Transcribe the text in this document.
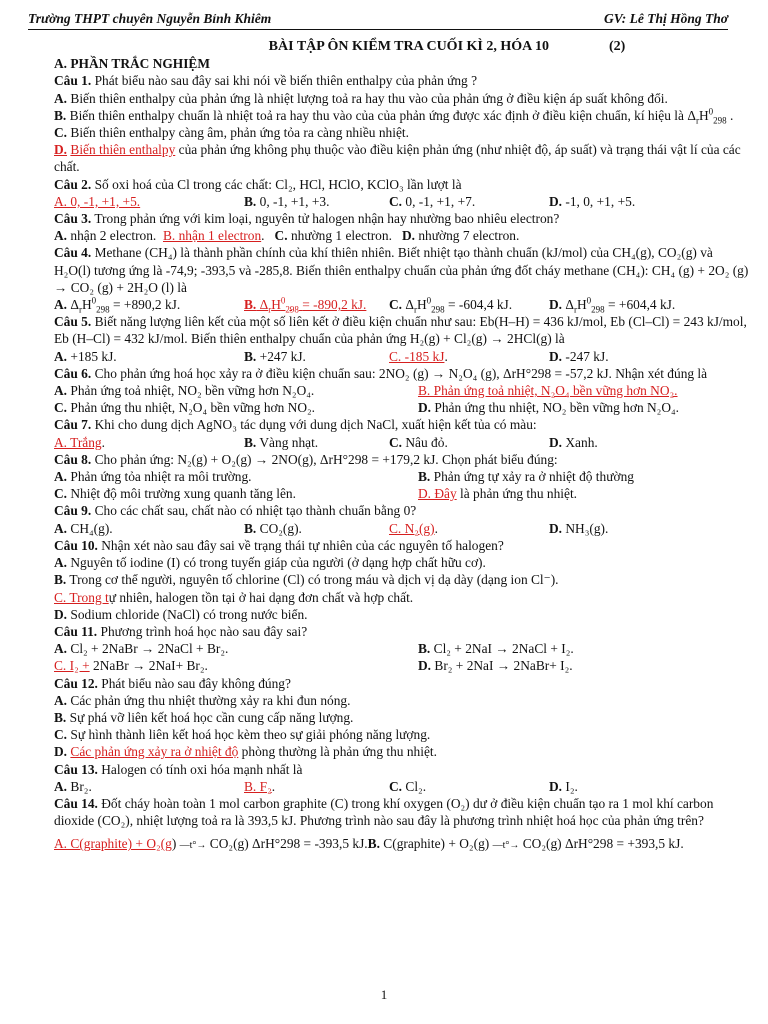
Trường THPT chuyên Nguyễn Bỉnh Khiêm	GV: Lê Thị Hồng Thơ
BÀI TẬP ÔN KIỂM TRA CUỐI KÌ 2, HÓA 10	(2)
A. PHẦN TRẮC NGHIỆM
Câu 1. Phát biểu nào sau đây sai khi nói về biến thiên enthalpy của phản ứng ?
A. Biến thiên enthalpy của phản ứng là nhiệt lượng toả ra hay thu vào của phản ứng ở điều kiện áp suất không đổi.
B. Biến thiên enthalpy chuẩn là nhiệt toả ra hay thu vào của của phản ứng được xác định ở điều kiện chuẩn, kí hiệu là $\Delta_rH^0_{298}$ .
C. Biến thiên enthalpy càng âm, phản ứng tỏa ra càng nhiều nhiệt.
D. Biến thiên enthalpy của phản ứng không phụ thuộc vào điều kiện phản ứng (như nhiệt độ, áp suất) và trạng thái vật lí của các chất.
Câu 2. Số oxi hoá của Cl trong các chất: Cl₂, HCl, HClO, KClO₃ lần lượt là
A. 0, -1, +1, +5.	B. 0, -1, +1, +3.	C. 0, -1, +1, +7.	D. -1, 0, +1, +5.
Câu 3. Trong phản ứng với kim loại, nguyên tử halogen nhận hay nhường bao nhiêu electron?
A. nhận 2 electron. B. nhận 1 electron.   C. nhường 1 electron. D. nhường 7 electron.
Câu 4. Methane (CH₄) là thành phần chính của khí thiên nhiên. Biết nhiệt tạo thành chuẩn (kJ/mol) của CH₄(g), CO₂(g) và H₂O(l) tương ứng là -74,9; -393,5 và -285,8. Biến thiên enthalpy chuẩn của phản ứng đốt cháy methane (CH₄): CH₄ (g) + 2O₂ (g) → CO₂ (g) + 2H₂O (l) là
A. $\Delta_rH^0_{298} = +890,2$ kJ.	B. $\Delta_rH^0_{298} = -890,2$ kJ.	C. $\Delta_rH^0_{298} = -604,4$ kJ.	D. $\Delta_rH^0_{298} = +604,4$ kJ.
Câu 5. Biết năng lượng liên kết của một số liên kết ở điều kiện chuẩn như sau: Eb(H–H) = 436 kJ/mol, Eb (Cl–Cl) = 243 kJ/mol, Eb (H–Cl) = 432 kJ/mol. Biến thiên enthalpy chuẩn của phản ứng H₂(g) + Cl₂(g) → 2HCl(g) là
A. +185 kJ.	B. +247 kJ.	C. -185 kJ.	D. -247 kJ.
Câu 6. Cho phản ứng hoá học xảy ra ở điều kiện chuẩn sau: 2NO₂ (g) → N₂O₄ (g), ΔrH°298 = -57,2 kJ. Nhận xét đúng là
A. Phản ứng toả nhiệt, NO₂ bền vững hơn N₂O₄.	B. Phản ứng toả nhiệt, N₂O₄ bền vững hơn NO₂.
C. Phản ứng thu nhiệt, N₂O₄ bền vững hơn NO₂.	D. Phản ứng thu nhiệt, NO₂ bền vững hơn N₂O₄.
Câu 7. Khi cho dung dịch AgNO₃ tác dụng với dung dịch NaCl, xuất hiện kết tủa có màu:
A. Trắng.	B. Vàng nhạt.	C. Nâu đỏ.	D. Xanh.
Câu 8. Cho phản ứng: N₂(g) + O₂(g) → 2NO(g), ΔrH°298 = +179,2 kJ. Chọn phát biểu đúng:
A. Phản ứng tỏa nhiệt ra môi trường.	B. Phản ứng tự xảy ra ở nhiệt độ thường
C. Nhiệt độ môi trường xung quanh tăng lên.	D. Đây là phản ứng thu nhiệt.
Câu 9. Cho các chất sau, chất nào có nhiệt tạo thành chuẩn bằng 0?
A. CH₄(g).	B. CO₂(g).	C. N₂(g).	D. NH₃(g).
Câu 10. Nhận xét nào sau đây sai về trạng thái tự nhiên của các nguyên tố halogen?
A. Nguyên tố iodine (I) có trong tuyến giáp của người (ở dạng hợp chất hữu cơ).
B. Trong cơ thể người, nguyên tố chlorine (Cl) có trong máu và dịch vị dạ dày (dạng ion Cl⁻).
C. Trong tự nhiên, halogen tồn tại ở hai dạng đơn chất và hợp chất.
D. Sodium chloride (NaCl) có trong nước biển.
Câu 11. Phương trình hoá học nào sau đây sai?
A. Cl₂ + 2NaBr → 2NaCl + Br₂.	B. Cl₂ + 2NaI → 2NaCl + I₂.
C. I₂ + 2NaBr → 2NaI+ Br₂.	D. Br₂ + 2NaI → 2NaBr+ I₂.
Câu 12. Phát biểu nào sau đây không đúng?
A. Các phản ứng thu nhiệt thường xảy ra khi đun nóng.
B. Sự phá vỡ liên kết hoá học cần cung cấp năng lượng.
C. Sự hình thành liên kết hoá học kèm theo sự giải phóng năng lượng.
D. Các phản ứng xảy ra ở nhiệt độ phòng thường là phản ứng thu nhiệt.
Câu 13. Halogen có tính oxi hóa mạnh nhất là
A. Br₂.	B. F₂.	C. Cl₂.	D. I₂.
Câu 14. Đốt cháy hoàn toàn 1 mol carbon graphite (C) trong khí oxygen (O₂) dư ở điều kiện chuẩn tạo ra 1 mol khí carbon dioxide (CO₂), nhiệt lượng toả ra là 393,5 kJ. Phương trình nào sau đây là phương trình nhiệt hoá học của phản ứng trên?
A. C(graphite) + O₂(g) —t°→ CO₂(g) ΔrH°298 = -393,5 kJ.B. C(graphite) + O₂(g) —t°→ CO₂(g) ΔrH°298 = +393,5 kJ.
1
